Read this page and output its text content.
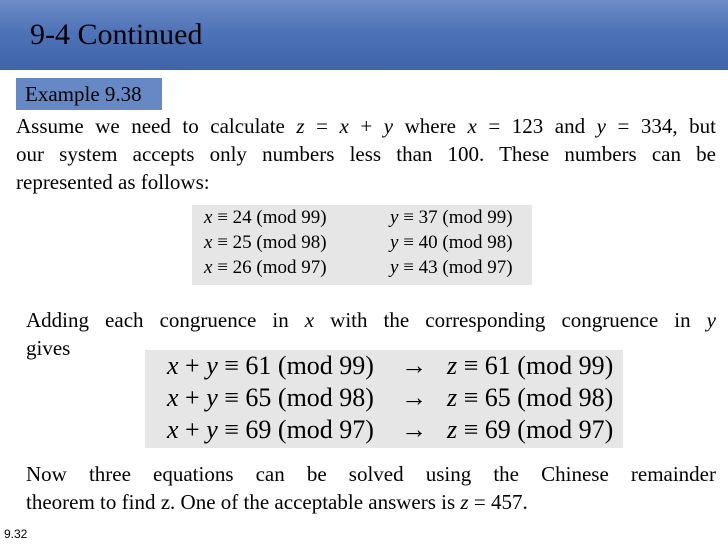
9-4 Continued
Example 9.38
Assume we need to calculate z = x + y where x = 123 and y = 334, but
our system accepts only numbers less than 100. These numbers can be
represented as follows:
x ≡ 24 (mod 99)
x ≡ 25 (mod 98)
x ≡ 26 (mod 97)
y ≡ 37 (mod 99)
y ≡ 40 (mod 98)
y ≡ 43 (mod 97)
Adding each congruence in x with the corresponding congruence in y
gives
x + y ≡ 61 (mod 99) → z ≡ 61 (mod 99)
x + y ≡ 65 (mod 98) → z ≡ 65 (mod 98)
x + y ≡ 69 (mod 97) → z ≡ 69 (mod 97)
Now three equations can be solved using the Chinese remainder
theorem to find z. One of the acceptable answers is z = 457.
9.32
